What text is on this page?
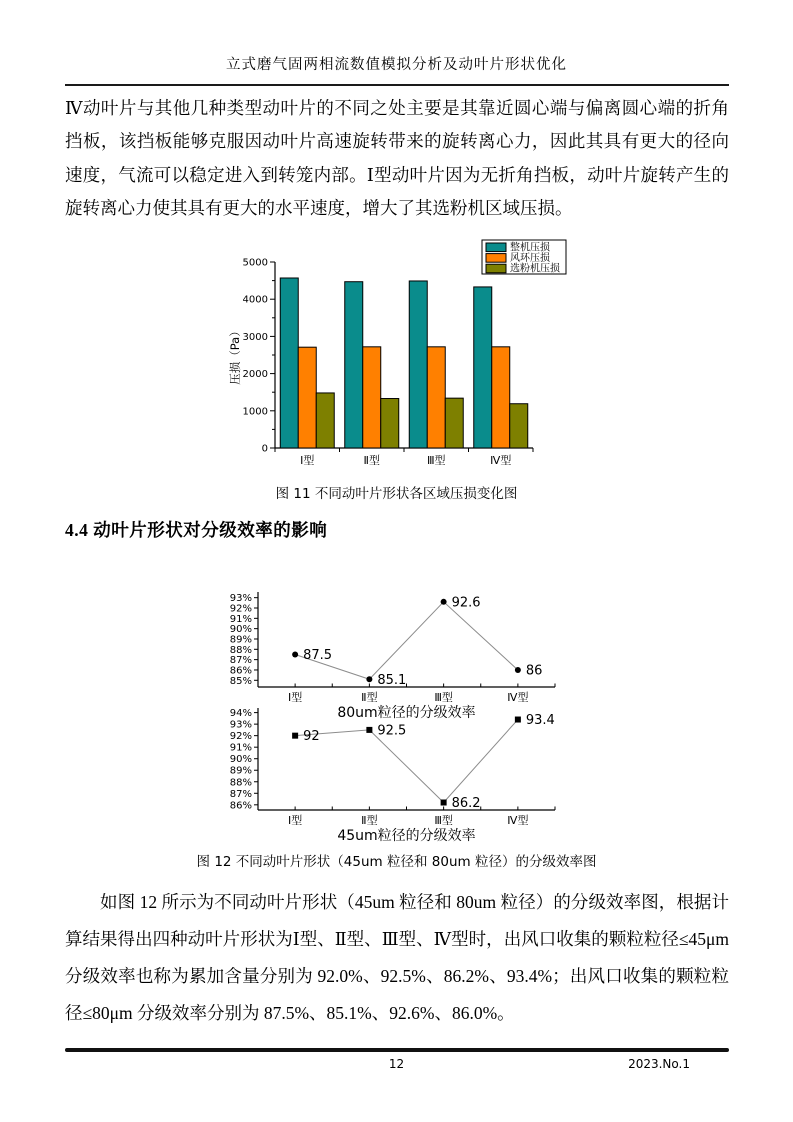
立式磨气固两相流数值模拟分析及动叶片形状优化
Ⅳ动叶片与其他几种类型动叶片的不同之处主要是其靠近圆心端与偏离圆心端的折角挡板，该挡板能够克服因动叶片高速旋转带来的旋转离心力，因此其具有更大的径向速度，气流可以稳定进入到转笼内部。Ⅰ型动叶片因为无折角挡板，动叶片旋转产生的旋转离心力使其具有更大的水平速度，增大了其选粉机区域压损。
0
1000
2000
3000
4000
5000
压损（Pa）
Ⅰ型	Ⅱ型	Ⅲ型	Ⅳ型
整机压损
风环压损
选粉机压损
图 11 不同动叶片形状各区域压损变化图
4.4 动叶片形状对分级效率的影响
85%
86%
87%
88%
89%
90%
91%
92%
93%
87.5
Ⅰ型
85.1
Ⅱ型
92.6
Ⅲ型
86
Ⅳ型
80um粒径的分级效率
86%
87%
88%
89%
90%
91%
92%
93%
94%
92
Ⅰ型
92.5
Ⅱ型
86.2
Ⅲ型
93.4
Ⅳ型
45um粒径的分级效率
图 12 不同动叶片形状（45um 粒径和 80um 粒径）的分级效率图
如图 12 所示为不同动叶片形状（45um 粒径和 80um 粒径）的分级效率图，根据计算结果得出四种动叶片形状为Ⅰ型、Ⅱ型、Ⅲ型、Ⅳ型时，出风口收集的颗粒粒径≤45μm 分级效率也称为累加含量分别为 92.0%、92.5%、86.2%、93.4%；出风口收集的颗粒粒径≤80μm 分级效率分别为 87.5%、85.1%、92.6%、86.0%。
12	2023.No.1
